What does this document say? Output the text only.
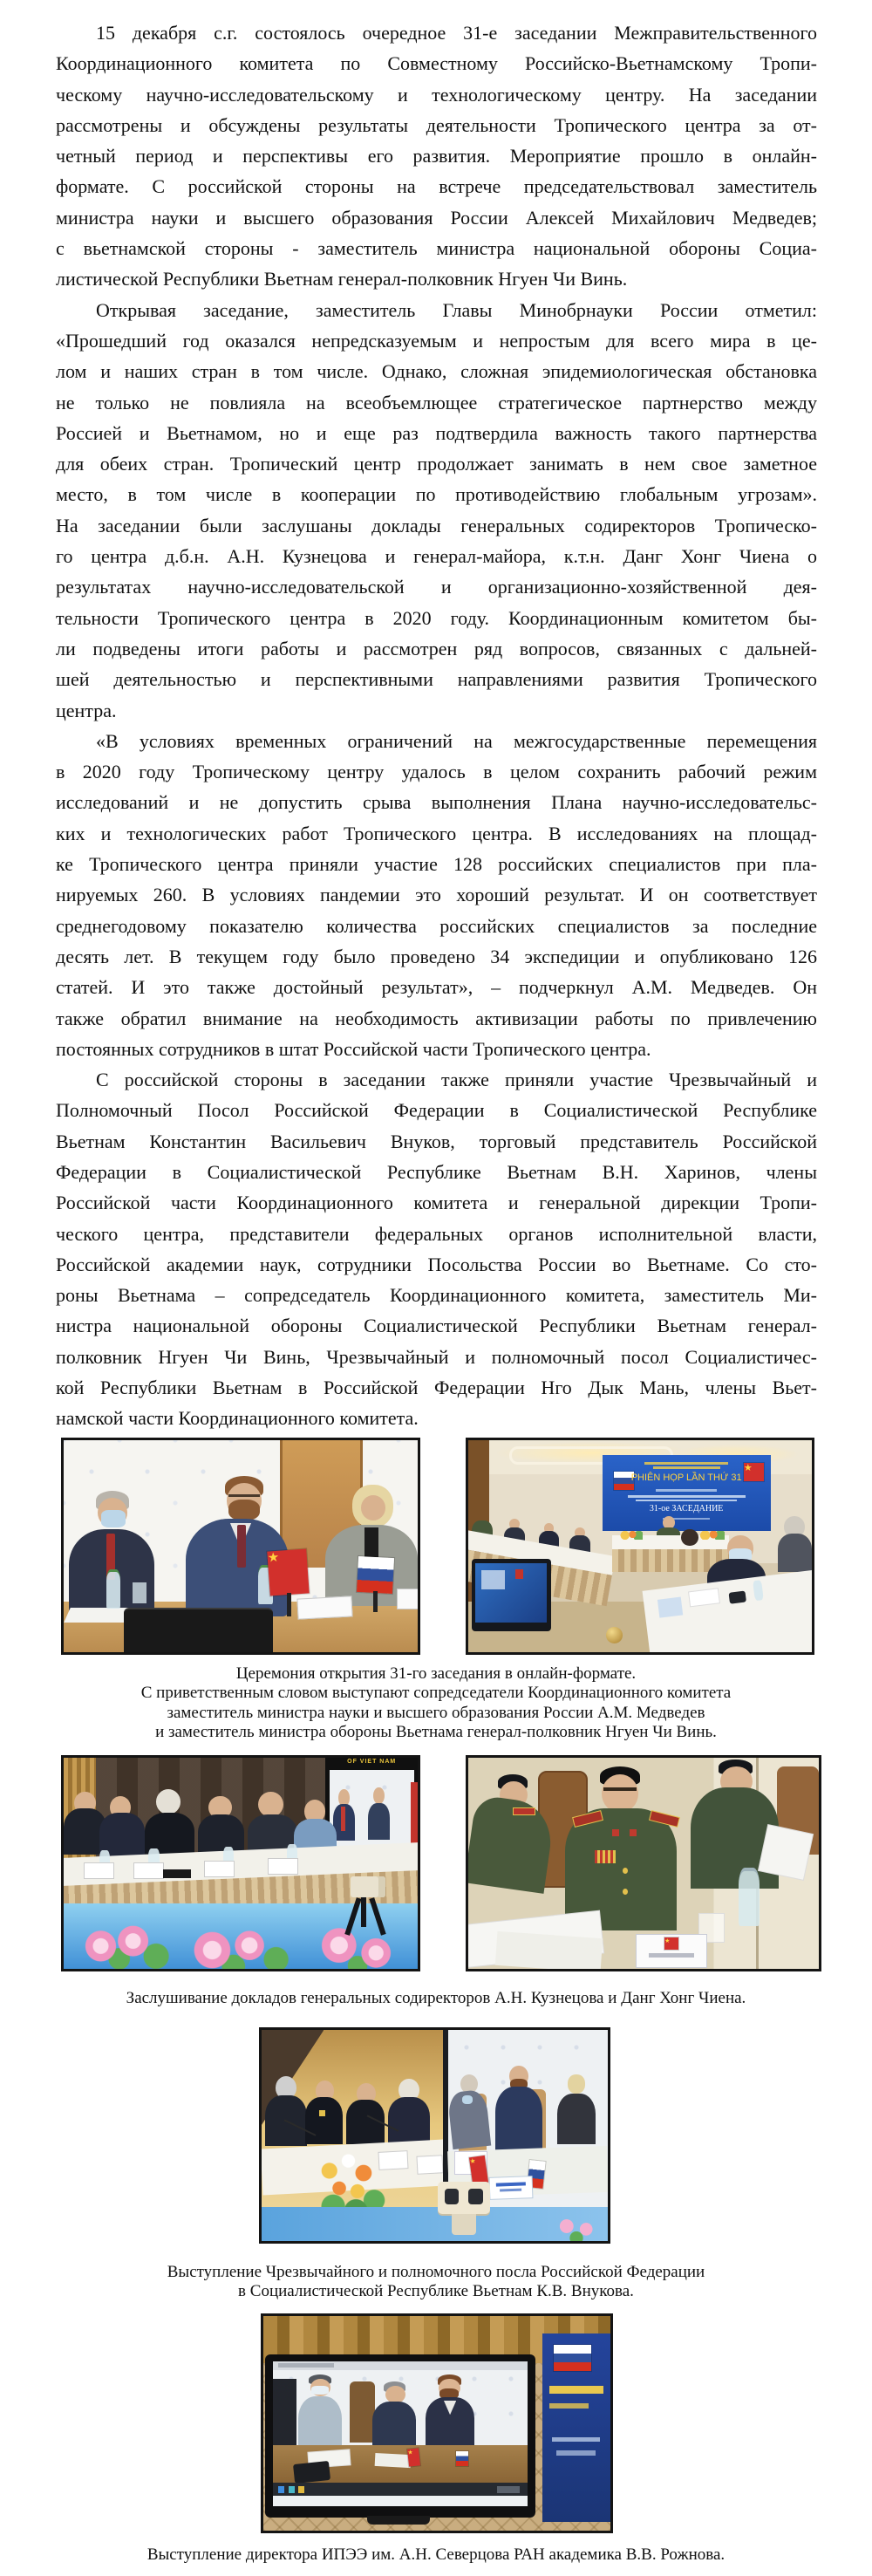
15 декабря с.г. состоялось очередное 31-е заседании Межправительственного
Координационного комитета по Совместному Российско-Вьетнамскому Тропи-
ческому научно-исследовательскому и технологическому центру. На заседании
рассмотрены и обсуждены результаты деятельности Тропического центра за от-
четный период и перспективы его развития. Мероприятие прошло в онлайн-
формате. С российской стороны на встрече председательствовал заместитель
министра науки и высшего образования России Алексей Михайлович Медведев;
с вьетнамской стороны - заместитель министра национальной обороны Социа-
листической Республики Вьетнам генерал-полковник Нгуен Чи Винь.
Открывая заседание, заместитель Главы Минобрнауки России отметил:
«Прошедший год оказался непредсказуемым и непростым для всего мира в це-
лом и наших стран в том числе. Однако, сложная эпидемиологическая обстановка
не только не повлияла на всеобъемлющее стратегическое партнерство между
Россией и Вьетнамом, но и еще раз подтвердила важность такого партнерства
для обеих стран. Тропический центр продолжает занимать в нем свое заметное
место, в том числе в кооперации по противодействию глобальным угрозам».
На заседании были заслушаны доклады генеральных содиректоров Тропическо-
го центра д.б.н. А.Н. Кузнецова и генерал-майора, к.т.н. Данг Хонг Чиена о
результатах научно-исследовательской и организационно-хозяйственной дея-
тельности Тропического центра в 2020 году. Координационным комитетом бы-
ли подведены итоги работы и рассмотрен ряд вопросов, связанных с дальней-
шей деятельностью и перспективными направлениями развития Тропического
центра.
«В условиях временных ограничений на межгосударственные перемещения
в 2020 году Тропическому центру удалось в целом сохранить рабочий режим
исследований и не допустить срыва выполнения Плана научно-исследовательс-
ких и технологических работ Тропического центра. В исследованиях на площад-
ке Тропического центра приняли участие 128 российских специалистов при пла-
нируемых 260. В условиях пандемии это хороший результат. И он соответствует
среднегодовому показателю количества российских специалистов за последние
десять лет. В текущем году было проведено 34 экспедиции и опубликовано 126
статей. И это также достойный результат», – подчеркнул А.М. Медведев. Он
также обратил внимание на необходимость активизации работы по привлечению
постоянных сотрудников в штат Российской части Тропического центра.
С российской стороны в заседании также приняли участие Чрезвычайный и
Полномочный Посол Российской Федерации в Социалистической Республике
Вьетнам Константин Васильевич Внуков, торговый представитель Российской
Федерации в Социалистической Республике Вьетнам В.Н. Харинов, члены
Российской части Координационного комитета и генеральной дирекции Тропи-
ческого центра, представители федеральных органов исполнительной власти,
Российской академии наук, сотрудники Посольства России во Вьетнаме. Со сто-
роны Вьетнама – сопредседатель Координационного комитета, заместитель Ми-
нистра национальной обороны Социалистической Республики Вьетнам генерал-
полковник Нгуен Чи Винь, Чрезвычайный и полномочный посол Социалистичес-
кой Республики Вьетнам в Российской Федерации Нго Дык Мань, члены Вьет-
намской части Координационного комитета.
★
★
PHIÊN HỌP LẦN THỨ 31
31-ое ЗАСЕДАНИЕ
Церемония открытия 31-го заседания в онлайн-формате.
С приветственным словом выступают сопредседатели Координационного комитета
заместитель министра науки и высшего образования России А.М. Медведев
и заместитель министра обороны Вьетнама генерал-полковник Нгуен Чи Винь.
OF VIET NAM
★
Заслушивание докладов генеральных содиректоров А.Н. Кузнецова и Данг Хонг Чиена.
★
Выступление Чрезвычайного и полномочного посла Российской Федерации
в Социалистической Республике Вьетнам К.В. Внукова.
★
Выступление директора ИПЭЭ им. А.Н. Северцова РАН академика В.В. Рожнова.
